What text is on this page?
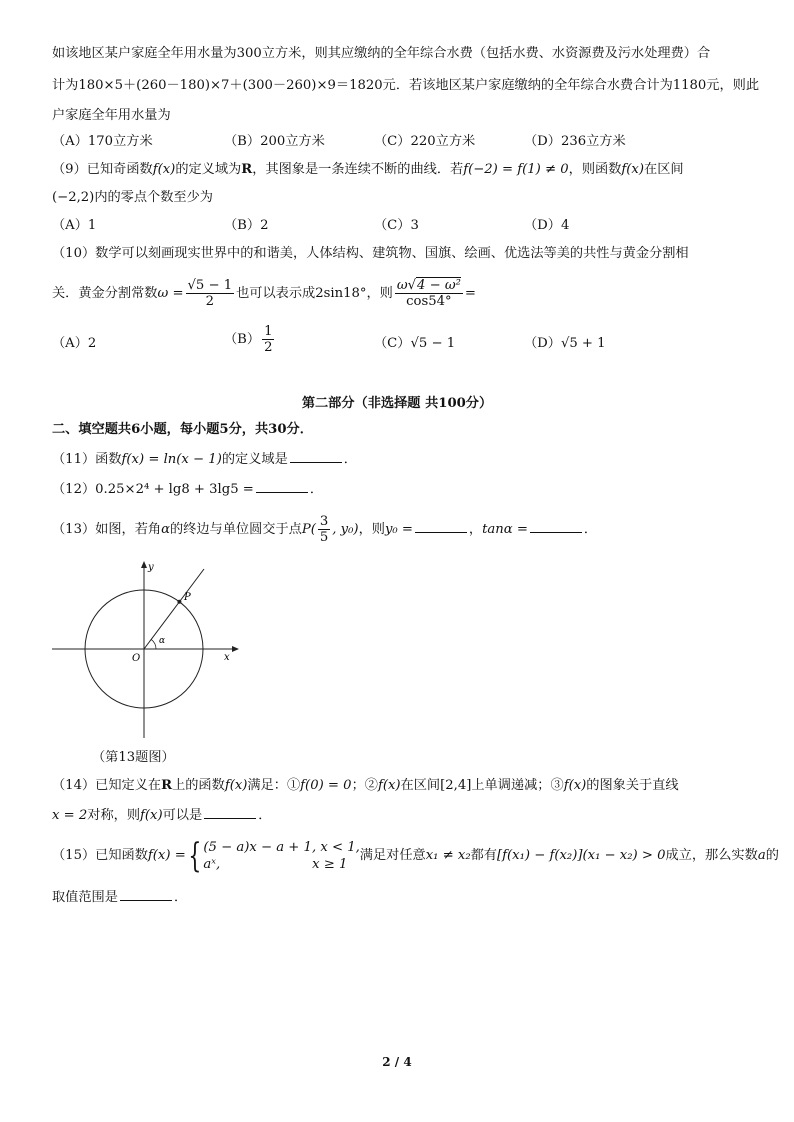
如该地区某户家庭全年用水量为300立方米，则其应缴纳的全年综合水费（包括水费、水资源费及污水处理费）合
计为180×5＋(260－180)×7＋(300－260)×9＝1820元．若该地区某户家庭缴纳的全年综合水费合计为1180元，则此
户家庭全年用水量为
（A）170立方米	（B）200立方米	（C）220立方米	（D）236立方米
（9）已知奇函数f(x)的定义域为R，其图象是一条连续不断的曲线．若f(−2) = f(1) ≠ 0，则函数f(x)在区间
(−2,2)内的零点个数至少为
（A）1	（B）2	（C）3	（D）4
（10）数学可以刻画现实世界中的和谐美，人体结构、建筑物、国旗、绘画、优选法等美的共性与黄金分割相
关．黄金分割常数$\omega = \frac{√5 - 1}{2}$ 也可以表示成2sin18°，则 $\frac{\text{ω√4 − ω²}}{\cos 54^\circ}$ =
（A）2	$(B) \frac{1}{2}$	（C）√5 − 1	（D）√5 + 1
第二部分（非选择题 共100分）
二、填空题共6小题，每小题5分，共30分．
（11）函数f(x) = ln(x − 1)的定义域是	．
（12）0.25×2⁴ + lg8 + 3lg5 =	．
（13）如图，若角α的终边与单位圆交于点$P( \frac{3}{5}$ , y₀)，则y₀ =	，tanα =	．
y
x
O
P
α
（第13题图）
（14）已知定义在R上的函数f(x)满足：①f(0) = 0；②f(x)在区间[2,4]上单调递减；③f(x)的图象关于直线
x = 2对称，则f(x)可以是	．
（15）已知函数f(x) ={ (5 − a)x − a + 1, x < 1,
aˣ,	x ≥ 1
满足对任意x₁ ≠ x₂都有[f(x₁) − f(x₂)](x₁ − x₂) > 0成立，那么实数a的
取值范围是	．
2 / 4
